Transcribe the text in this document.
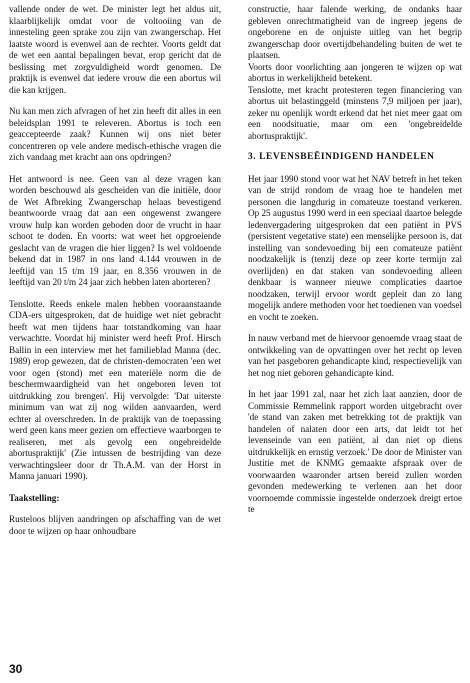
vallende onder de wet. De minister legt het aldus uit, klaarblijkelijk omdat voor de voltooiing van de innesteling geen sprake zou zijn van zwangerschap. Het laatste woord is evenwel aan de rechter. Voorts geldt dat de wet een aantal bepalingen bevat, erop gericht dat de beslissing met zorgvuldigheid wordt genomen. De praktijk is evenwel dat iedere vrouw die een abortus wil die kan krijgen.

Nu kan men zich afvragen of het zin heeft dit alles in een beleidsplan 1991 te releveren. Abortus is toch een geaccepteerde zaak? Kunnen wij ons niet beter concentreren op vele andere medisch-ethische vragen die zich vandaag met kracht aan ons opdringen?

Het antwoord is nee. Geen van al deze vragen kan worden beschouwd als gescheiden van die initiële, door de Wet Afbreking Zwangerschap helaas bevestigend beantwoorde vraag dat aan een ongewenst zwangere vrouw hulp kan worden geboden door de vrucht in haar schoot te doden. En voorts: wat weet het opgroeiende geslacht van de vragen die hier liggen? Is wel voldoende bekend dat in 1987 in ons land 4.144 vrouwen in de leeftijd van 15 t/m 19 jaar, en 8.356 vrouwen in de leeftijd van 20 t/m 24 jaar zich hebben laten aborteren?

Tenslotte. Reeds enkele malen hebben vooraanstaande CDA-ers uitgesproken, dat de huidige wet niet gebracht heeft wat men tijdens haar totstandkoming van haar verwachtte. Voordat hij minister werd heeft Prof. Hirsch Ballin in een interview met het familieblad Manna (dec. 1989) erop gewezen, dat de christen-democraten 'een wet voor ogen (stond) met een materiële norm die de beschermwaardigheid van het ongeboren leven tot uitdrukking zou brengen'. Hij vervolgde: 'Dat uiterste minimum van wat zij nog wilden aanvaarden, werd echter al overschreden. In de praktijk van de toepassing werd geen kans meer gezien om effectieve waarborgen te realiseren, met als gevolg een ongebreidelde abortuspraktijk' (Zie intussen de bestrijding van deze verwachtingsleer door dr Th.A.M. van der Horst in Manna januari 1990).

Taakstelling:

Rusteloos blijven aandringen op afschaffing van de wet door te wijzen op haar onhoudbare

constructie, haar falende werking, de ondanks haar gebleven onrechtmatigheid van de ingreep jegens de ongeborene en de onjuiste uitleg van het begrip zwangerschap door overtijdbehandeling buiten de wet te plaatsen.

Voorts door voorlichting aan jongeren te wijzen op wat abortus in werkelijkheid betekent.

Tenslotte, met kracht protesteren tegen financiering van abortus uit belastinggeld (minstens 7,9 miljoen per jaar), zeker nu openlijk wordt erkend dat het niet meer gaat om een noodsituatie, maar om een 'ongebreidelde abortuspraktijk'.

3. LEVENSBEËINDIGEND HANDELEN

Het jaar 1990 stond voor wat het NAV betreft in het teken van de strijd rondom de vraag hoe te handelen met personen die langdurig in comateuze toestand verkeren. Op 25 augustus 1990 werd in een speciaal daartoe belegde ledenvergadering uitgesproken dat een patiënt in PVS (persistent vegetative state) een menselijke persoon is, dat instelling van sondevoeding bij een comateuze patiënt noodzakelijk is (tenzij deze op zeer korte termijn zal overlijden) en dat staken van sondevoeding alleen denkbaar is wanneer nieuwe complicaties daartoe noodzaken, terwijl ervoor wordt gepleit dan zo lang mogelijk andere methoden voor het toedienen van voedsel en vocht te zoeken.

In nauw verband met de hiervoor genoemde vraag staat de ontwikkeling van de opvattingen over het recht op leven van het pasgeboren gehandicapte kind, respectievelijk van het nog niet geboren gehandicapte kind.

In het jaar 1991 zal, naar het zich laat aanzien, door de Commissie Remmelink rapport worden uitgebracht over 'de stand van zaken met betrekking tot de praktijk van handelen of nalaten door een arts, dat leidt tot het levenseinde van een patiënt, al dan niet op diens uitdrukkelijk en ernstig verzoek.' De door de Minister van Justitie met de KNMG gemaakte afspraak over de voorwaarden waaronder artsen bereid zullen worden gevonden medewerking te verlenen aan het door voornoemde commissie ingestelde onderzoek dreigt ertoe te

30
